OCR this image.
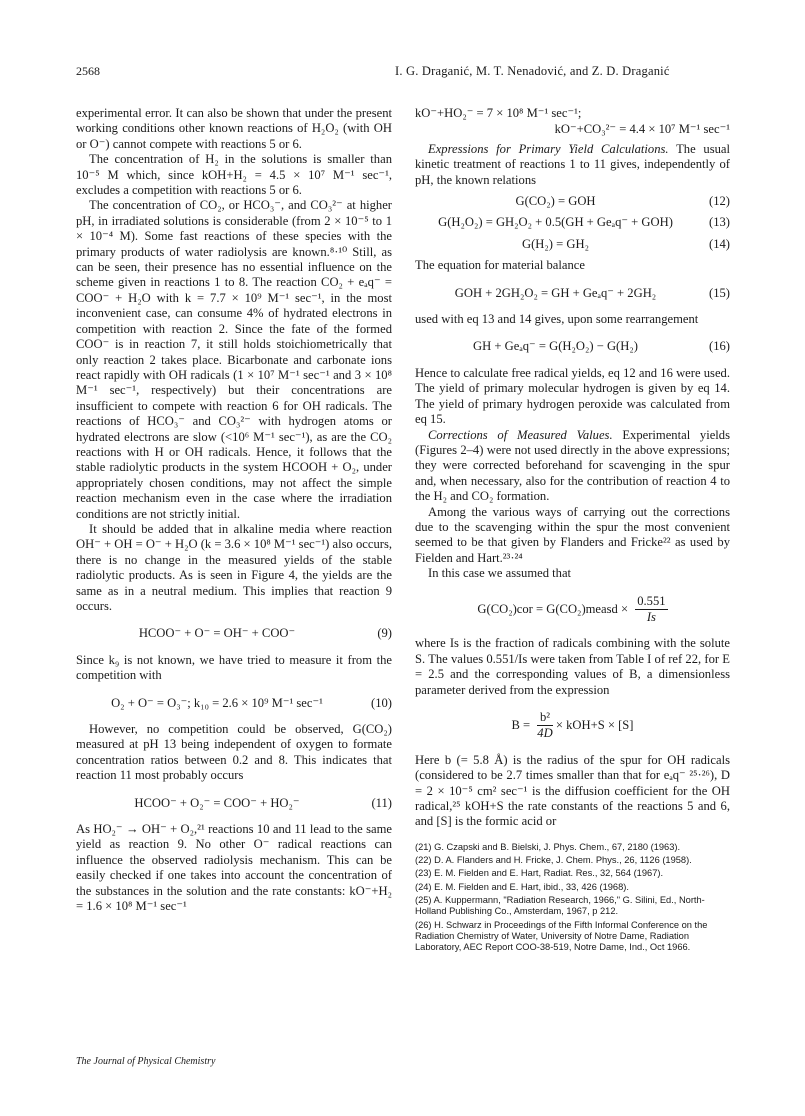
2568	I. G. Draganić, M. T. Nenadović, and Z. D. Draganić

experimental error. It can also be shown that under the present working conditions other known reactions of H₂O₂ (with OH or O⁻) cannot compete with reactions 5 or 6.

The concentration of H₂ in the solutions is smaller than 10⁻⁵ M which, since kOH+H₂ = 4.5 × 10⁷ M⁻¹ sec⁻¹, excludes a competition with reactions 5 or 6.

The concentration of CO₂, or HCO₃⁻, and CO₃²⁻ at higher pH, in irradiated solutions is considerable (from 2 × 10⁻⁵ to 1 × 10⁻⁴ M). Some fast reactions of these species with the primary products of water radiolysis are known.⁸·¹⁰ Still, as can be seen, their presence has no essential influence on the scheme given in reactions 1 to 8. The reaction CO₂ + eₐq⁻ = COO⁻ + H₂O with k = 7.7 × 10⁹ M⁻¹ sec⁻¹, in the most inconvenient case, can consume 4% of hydrated electrons in competition with reaction 2. Since the fate of the formed COO⁻ is in reaction 7, it still holds stoichiometrically that only reaction 2 takes place. Bicarbonate and carbonate ions react rapidly with OH radicals (1 × 10⁷ M⁻¹ sec⁻¹ and 3 × 10⁸ M⁻¹ sec⁻¹, respectively) but their concentrations are insufficient to compete with reaction 6 for OH radicals. The reactions of HCO₃⁻ and CO₃²⁻ with hydrogen atoms or hydrated electrons are slow (<10⁶ M⁻¹ sec⁻¹), as are the CO₂ reactions with H or OH radicals. Hence, it follows that the stable radiolytic products in the system HCOOH + O₂, under appropriately chosen conditions, may not affect the simple reaction mechanism even in the case where the irradiation conditions are not strictly initial.

It should be added that in alkaline media where reaction OH⁻ + OH = O⁻ + H₂O (k = 3.6 × 10⁸ M⁻¹ sec⁻¹) also occurs, there is no change in the measured yields of the stable radiolytic products. As is seen in Figure 4, the yields are the same as in a neutral medium. This implies that reaction 9 occurs.

HCOO⁻ + O⁻ = OH⁻ + COO⁻	(9)

Since k₉ is not known, we have tried to measure it from the competition with

O₂ + O⁻ = O₃⁻; k₁₀ = 2.6 × 10⁹ M⁻¹ sec⁻¹	(10)

However, no competition could be observed, G(CO₂) measured at pH 13 being independent of oxygen to formate concentration ratios between 0.2 and 8. This indicates that reaction 11 most probably occurs

HCOO⁻ + O₂⁻ = COO⁻ + HO₂⁻	(11)

As HO₂⁻ → OH⁻ + O₂,²¹ reactions 10 and 11 lead to the same yield as reaction 9. No other O⁻ radical reactions can influence the observed radiolysis mechanism. This can be easily checked if one takes into account the concentration of the substances in the solution and the rate constants: kO⁻+H₂ = 1.6 × 10⁸ M⁻¹ sec⁻¹

kO⁻+HO₂⁻ = 7 × 10⁸ M⁻¹ sec⁻¹;
kO⁻+CO₃²⁻ = 4.4 × 10⁷ M⁻¹ sec⁻¹

Expressions for Primary Yield Calculations. The usual kinetic treatment of reactions 1 to 11 gives, independently of pH, the known relations

G(CO₂) = GOH	(12)
G(H₂O₂) = GH₂O₂ + 0.5(GH + Geₐq⁻ + GOH)	(13)
G(H₂) = GH₂	(14)

The equation for material balance

GOH + 2GH₂O₂ = GH + Geₐq⁻ + 2GH₂	(15)

used with eq 13 and 14 gives, upon some rearrangement

GH + Geₐq⁻ = G(H₂O₂) − G(H₂)	(16)

Hence to calculate free radical yields, eq 12 and 16 were used. The yield of primary molecular hydrogen is given by eq 14. The yield of primary hydrogen peroxide was calculated from eq 15.

Corrections of Measured Values. Experimental yields (Figures 2–4) were not used directly in the above expressions; they were corrected beforehand for scavenging in the spur and, when necessary, also for the contribution of reaction 4 to the H₂ and CO₂ formation.

Among the various ways of carrying out the corrections due to the scavenging within the spur the most convenient seemed to be that given by Flanders and Fricke²² as used by Fielden and Hart.²³·²⁴

In this case we assumed that

G(CO₂)cor = G(CO₂)measd × $\frac{0.551}{Is}$

where Is is the fraction of radicals combining with the solute S. The values 0.551/Is were taken from Table I of ref 22, for E = 2.5 and the corresponding values of B, a dimensionless parameter derived from the expression

$B = \frac{\text{b²}}{4D} \times kOH+S \times [S]$

Here b (= 5.8 Å) is the radius of the spur for OH radicals (considered to be 2.7 times smaller than that for eₐq⁻ ²⁵·²⁶), D = 2 × 10⁻⁵ cm² sec⁻¹ is the diffusion coefficient for the OH radical,²⁵ kOH+S the rate constants of the reactions 5 and 6, and [S] is the formic acid or

(21) G. Czapski and B. Bielski, J. Phys. Chem., 67, 2180 (1963).
(22) D. A. Flanders and H. Fricke, J. Chem. Phys., 26, 1126 (1958).
(23) E. M. Fielden and E. Hart, Radiat. Res., 32, 564 (1967).
(24) E. M. Fielden and E. Hart, ibid., 33, 426 (1968).
(25) A. Kuppermann, "Radiation Research, 1966," G. Silini, Ed., North-Holland Publishing Co., Amsterdam, 1967, p 212.
(26) H. Schwarz in Proceedings of the Fifth Informal Conference on the Radiation Chemistry of Water, University of Notre Dame, Radiation Laboratory, AEC Report COO-38-519, Notre Dame, Ind., Oct 1966.
The Journal of Physical Chemistry
